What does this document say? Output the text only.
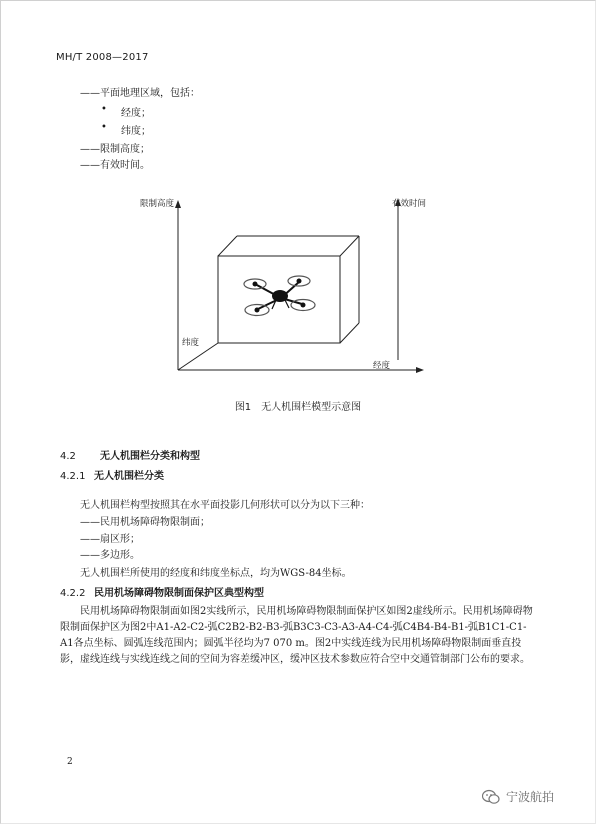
MH/T 2008—2017
——平面地理区域，包括：
• 经度；
• 纬度；
——限制高度；
——有效时间。
限制高度	有效时间
纬度
经度
图1　无人机围栏模型示意图
4.2 无人机围栏分类和构型
4.2.1 无人机围栏分类
无人机围栏构型按照其在水平面投影几何形状可以分为以下三种：
——民用机场障碍物限制面；
——扇区形；
——多边形。
无人机围栏所使用的经度和纬度坐标点，均为WGS-84坐标。
4.2.2 民用机场障碍物限制面保护区典型构型
民用机场障碍物限制面如图2实线所示，民用机场障碍物限制面保护区如图2虚线所示。民用机场障碍物限制面保护区为图2中A1-A2-C2-弧C2B2-B2-B3-弧B3C3-C3-A3-A4-C4-弧C4B4-B4-B1-弧B1C1-C1-A1各点坐标、圆弧连线范围内；圆弧半径均为7 070 m。图2中实线连线为民用机场障碍物限制面垂直投影，虚线连线与实线连线之间的空间为容差缓冲区，缓冲区技术参数应符合空中交通管制部门公布的要求。
2
宁波航拍
